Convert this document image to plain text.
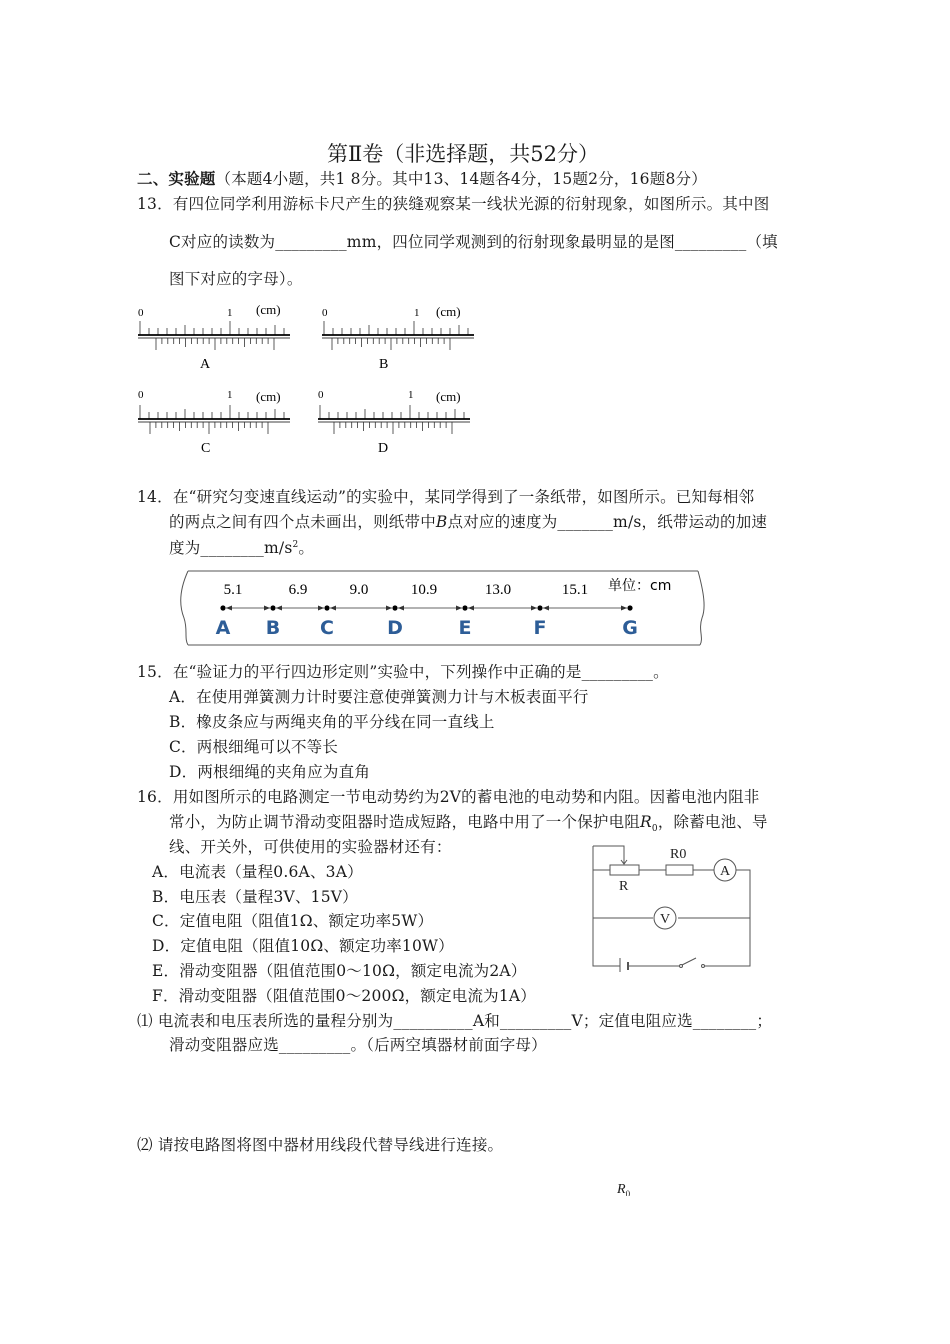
第Ⅱ卷（非选择题，共52分）
二、实验题（本题4小题，共1 8分。其中13、14题各4分，15题2分，16题8分）
13．有四位同学利用游标卡尺产生的狭缝观察某一线状光源的衍射现象，如图所示。其中图
C对应的读数为_________mm，四位同学观测到的衍射现象最明显的是图_________（填
图下对应的字母）。
0	1 (cm)
A
0	1 (cm)
B
0	1 (cm)
C
0	1 (cm)
D
14．在“研究匀变速直线运动”的实验中，某同学得到了一条纸带，如图所示。已知每相邻
的两点之间有四个点未画出，则纸带中B点对应的速度为_______m/s，纸带运动的加速
度为$\_\_\_\_\_\_\_\_m/s^2$。
5.1	6.9	9.0	10.9	13.0	15.1 单位：cm
A B C	D	E	F	G
15．在“验证力的平行四边形定则”实验中，下列操作中正确的是_________。
A．在使用弹簧测力计时要注意使弹簧测力计与木板表面平行
B．橡皮条应与两绳夹角的平分线在同一直线上
C．两根细绳可以不等长
D．两根细绳的夹角应为直角
16．用如图所示的电路测定一节电动势约为2V的蓄电池的电动势和内阻。因蓄电池内阻非
常小，为防止调节滑动变阻器时造成短路，电路中用了一个保护电阻$R_0$，除蓄电池、导
线、开关外，可供使用的实验器材还有：
A．电流表（量程0.6A、3A）
B．电压表（量程3V、15V）
C．定值电阻（阻值1Ω、额定功率5W）
D．定值电阻（阻值10Ω、额定功率10W）
E．滑动变阻器（阻值范围0～10Ω，额定电流为2A）
F．滑动变阻器（阻值范围0～200Ω，额定电流为1A）
R
R0
A
V
⑴ 电流表和电压表所选的量程分别为__________A和_________V；定值电阻应选________；
滑动变阻器应选_________。（后两空填器材前面字母）
⑵ 请按电路图将图中器材用线段代替导线进行连接。
$R_0$
